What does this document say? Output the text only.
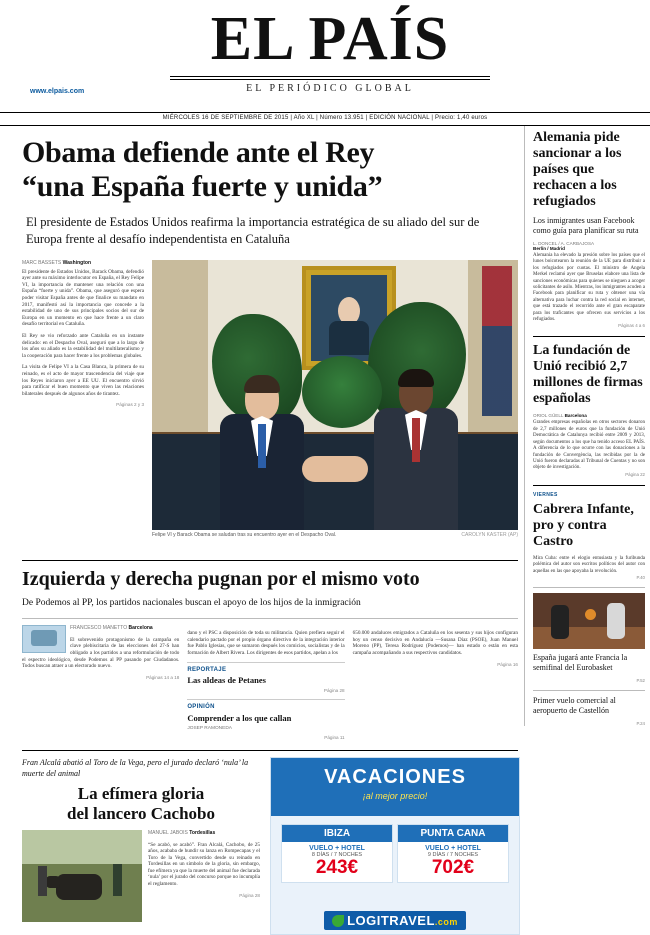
EL PAÍS
EL PERIÓDICO GLOBAL
www.elpais.com
MIÉRCOLES 16 DE SEPTIEMBRE DE 2015 | Año XL | Número 13.951 | EDICIÓN NACIONAL | Precio: 1,40 euros
Obama defiende ante el Rey
“una España fuerte y unida”
El presidente de Estados Unidos reafirma la importancia estratégica de su aliado del sur de Europa frente al desafío independentista en Cataluña
MARC BASSETS Washington

El presidente de Estados Unidos, Barack Obama, defendió ayer ante su máximo interlocutor en España, el Rey Felipe VI, la importancia de mantener una relación con una España “fuerte y unida”. Obama, que aseguró que espera poder visitar España antes de que finalice su mandato en 2017, manifestó así la importancia que concede a la estabilidad de uno de sus principales socios del sur de Europa en un momento en que hace frente a un claro desafío territorial en Cataluña.

El Rey se vio reforzado ante Cataluña en un instante delicado: en el Despacho Oval, aseguró que a lo largo de los años su aliado es la estabilidad del multilateralismo y la cooperación para hacer frente a los problemas globales.

La visita de Felipe VI a la Casa Blanca, la primera de su reinado, es el acto de mayor trascendencia del viaje que los Reyes iniciaron ayer a EE UU. El encuentro sirvió para ratificar el buen momento que viven las relaciones bilaterales después de algunos años de tirantez.

Páginas 2 y 3
CAROLYN KASTER (AP)
Felipe VI y Barack Obama se saludan tras su encuentro ayer en el Despacho Oval.
Izquierda y derecha pugnan por el mismo voto
De Podemos al PP, los partidos nacionales buscan el apoyo de los hijos de la inmigración
FRANCESCO MANETTO Barcelona

El sobrevenido protagonismo de la campaña en clave plebiscitaria de las elecciones del 27-S han obligado a los partidos a una reformulación de todo el espectro ideológico, desde Podemos al PP pasando por Ciudadanos. Todos buscan atraer a un electorado nuevo.

Páginas 14 a 18

dano y el PSC a disposición de toda su militancia. Quien prefiera seguir el calendario pactado por el propio órgano directivo de la integración interior fue Pablo Iglesias, que se sumaron después los comicios, socialistas y de la formación de Albert Rivera. Los dirigentes de esos partidos, apelan a los

REPORTAJE
Las aldeas de Petanes
Página 28
OPINIÓN
Comprender a los que callan
JOSEP RAMONEDA
Página 11

650.000 andaluces emigrados a Cataluña en los sesenta y sus hijos configuran hoy un censo decisivo en Andalucía —Susana Díaz (PSOE), Juan Manuel Moreno (PP), Teresa Rodríguez (Podemos)— han estado o están en esta campaña acompañando a sus respectivos candidatos.

Página 16
Fran Alcalá abatió al Toro de la Vega, pero el jurado declaró ‘nula’ la muerte del animal
La efímera gloria
del lancero Cachobo
MANUEL JABOIS Tordesillas

“Se acabó, se acabó”. Fran Alcalá, Cachobo, de 25 años, acababa de hundir su lanza en Rompecapas y el Toro de la Vega, convertido desde su reinado en Tordesillas en un símbolo de la gloria, sin embargo, fue efímera ya que la muerte del animal fue declarada ‘nula’ por el jurado del concurso porque no incumplía el reglamento.

Página 28
VACACIONES
¡al mejor precio!
IBIZA
VUELO + HOTEL
8 DÍAS / 7 NOCHES
243€
PUNTA CANA
VUELO + HOTEL
9 DÍAS / 7 NOCHES
702€
LOGITRAVEL.com
Alemania pide sancionar a los países que rechacen a los refugiados
Los inmigrantes usan Facebook como guía para planificar su ruta
L. DONCEL / A. CARBAJOSA
Berlín / Madrid
Alemania ha elevado la presión sobre los países que el lunes boicotearon la reunión de la UE para distribuir a los refugiados por cuotas. El ministro de Angela Merkel reclamó ayer que Bruselas elabore una lista de sanciones económicas para quienes se nieguen a acoger solicitantes de asilo. Mientras, los inmigrantes acuden a Facebook para planificar su ruta y obtener una vía alternativa para luchar contra la red social en internet, que está trazado el recorrido ante el gran escaparate para los traficantes que ofrecen sus servicios a los refugiados.
Páginas 4 a 6
La fundación de Unió recibió 2,7 millones de firmas españolas
ORIOL GÜELL Barcelona
Grandes empresas españolas en otros sectores donaron de 2,7 millones de euros que la fundación de Unió Democràtica de Catalunya recibió entre 2009 y 2013, según documentos a los que ha tenido acceso EL PAÍS. A diferencia de lo que ocurre con las donaciones a la fundación de Convergència, las recibidas por la de Unió fueron declaradas al Tribunal de Cuentas y no son objeto de investigación.
Página 22
VIERNES
Cabrera Infante, pro y contra Castro
Mira Cuba: entre el elogio entusiasta y la furibunda polémica del autor son escritos políticos del autor con aquellas en las que apoyaba la revolución.
P.40
España jugará ante Francia la semifinal del Eurobasket
P.52
Primer vuelo comercial al aeropuerto de Castellón
P.24
